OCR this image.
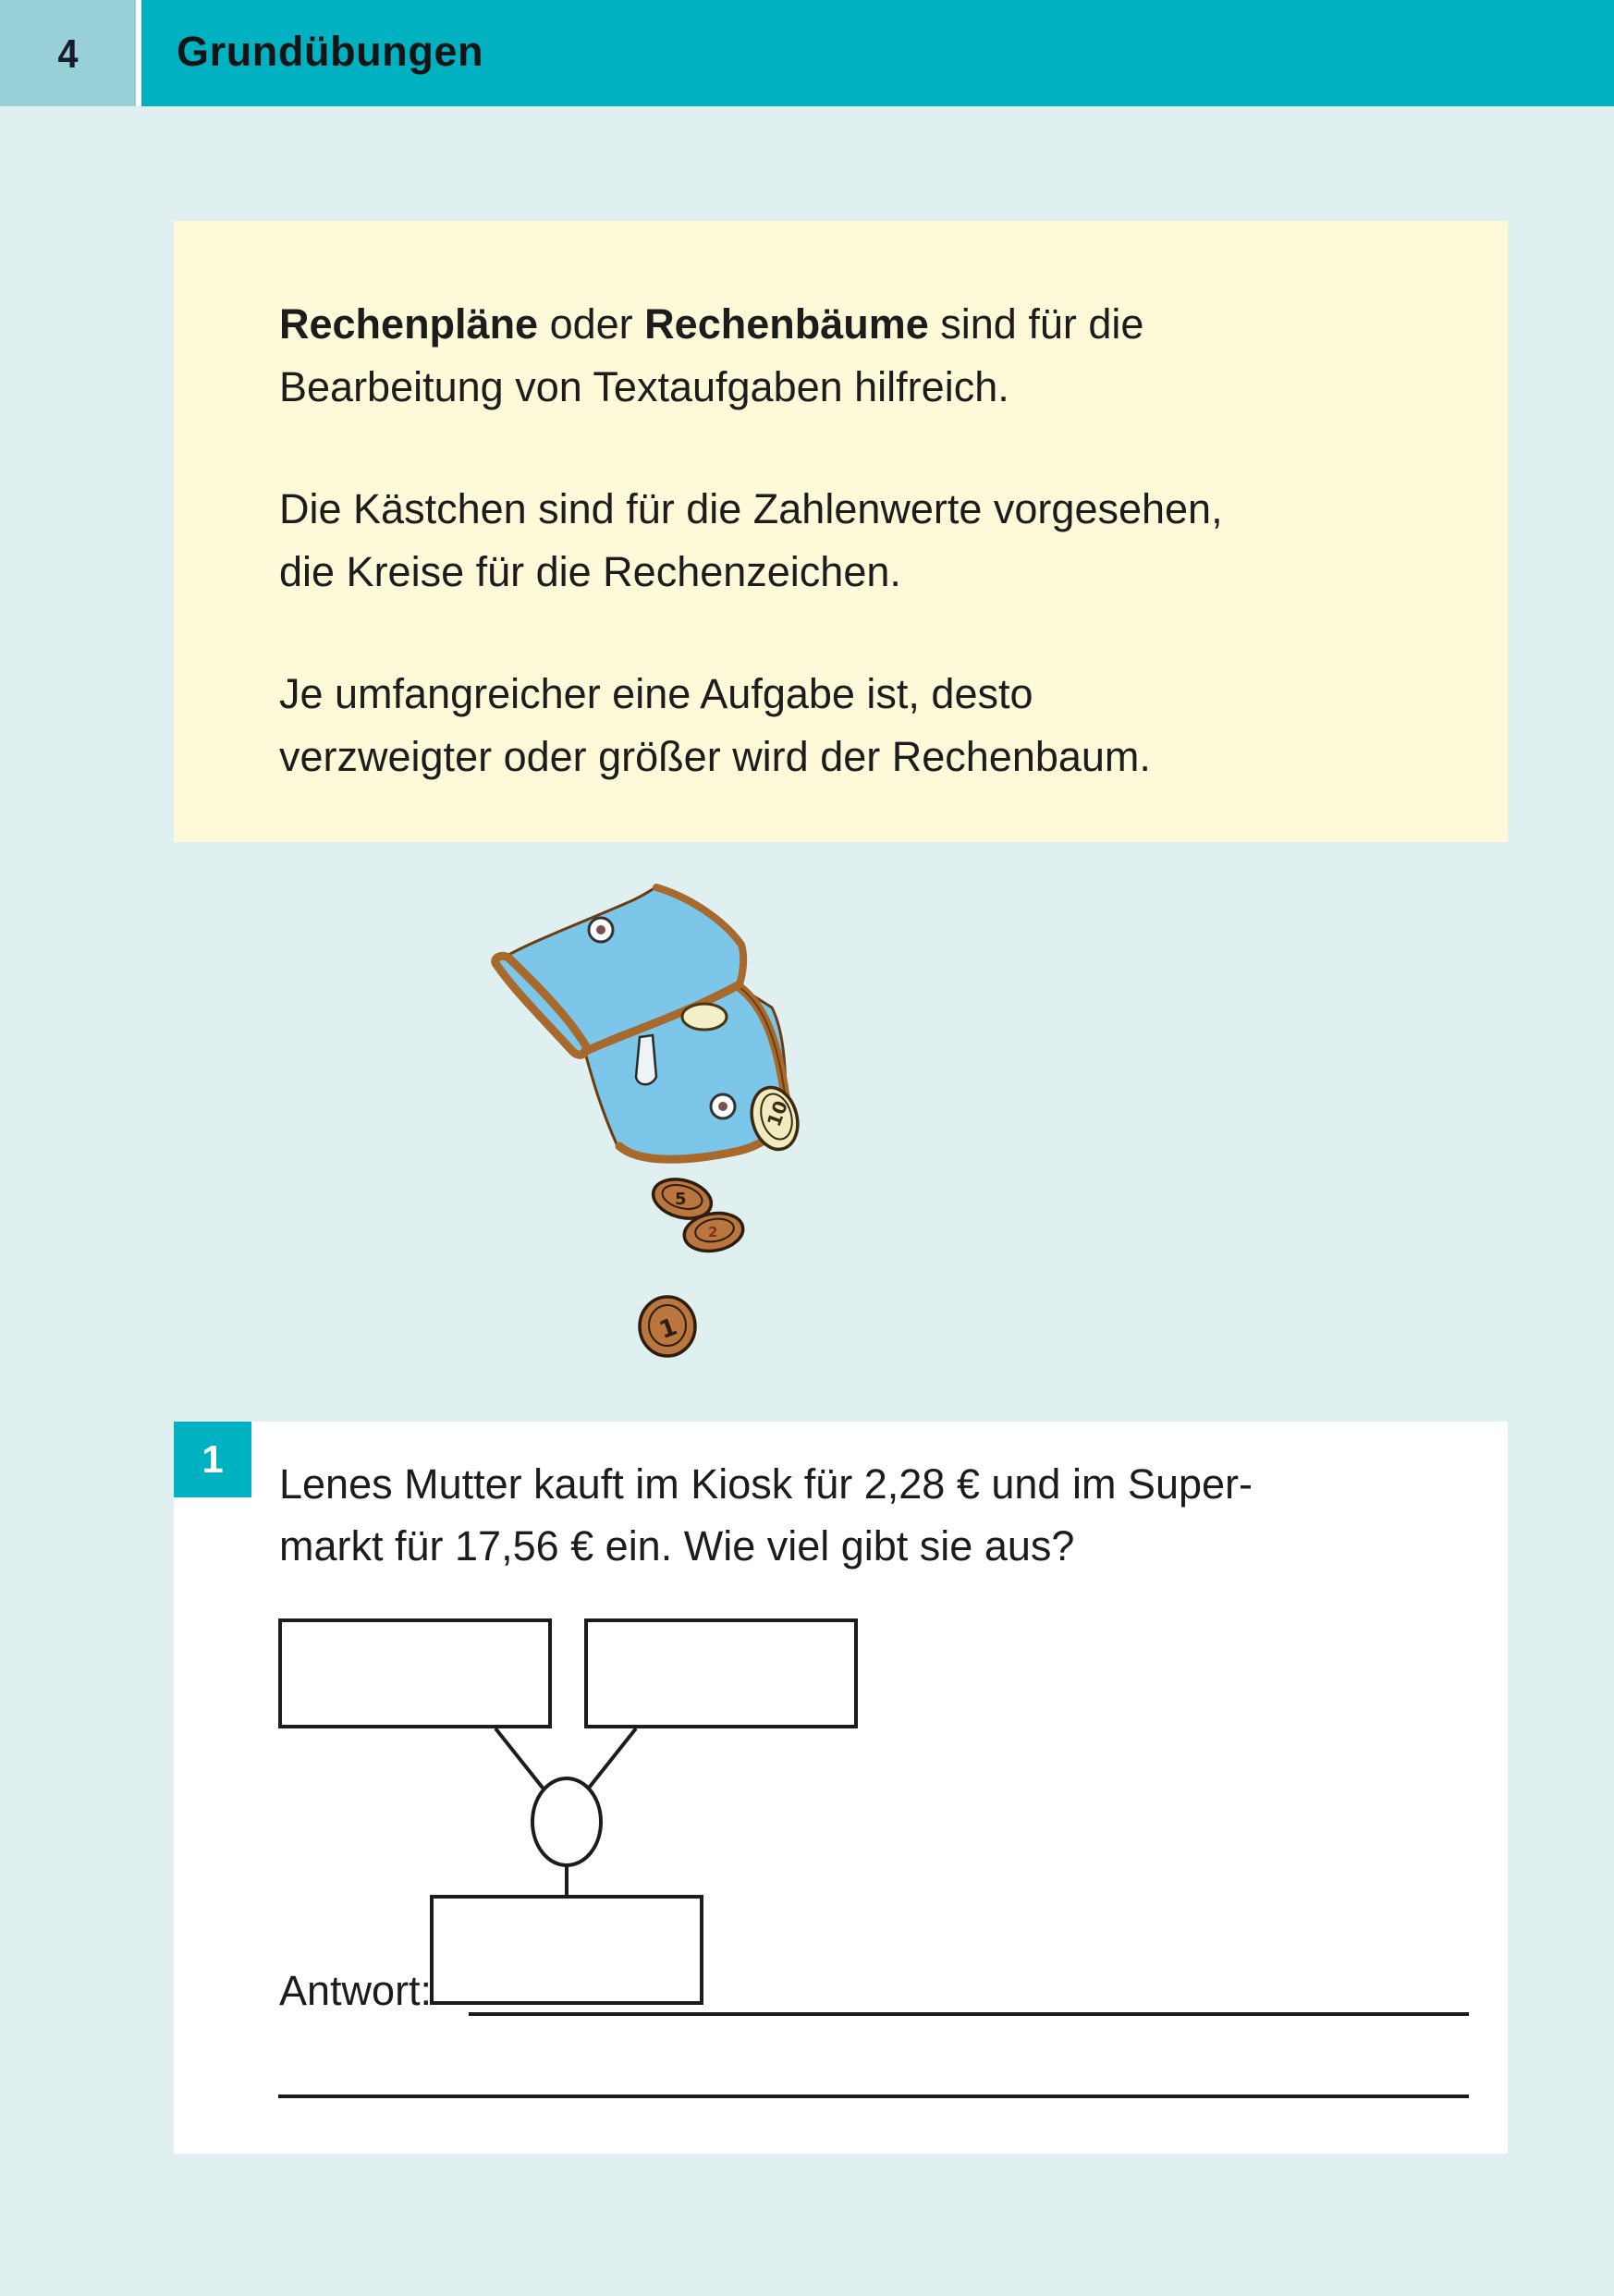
4	Grundübungen

Rechenpläne oder Rechenbäume sind für die
Bearbeitung von Textaufgaben hilfreich.

Die Kästchen sind für die Zahlenwerte vorgesehen,
die Kreise für die Rechenzeichen.

Je umfangreicher eine Aufgabe ist, desto
verzweigter oder größer wird der Rechenbaum.

10
5
2
1
1
Lenes Mutter kauft im Kiosk für 2,28 € und im Super-
markt für 17,56 € ein. Wie viel gibt sie aus?
Antwort:
